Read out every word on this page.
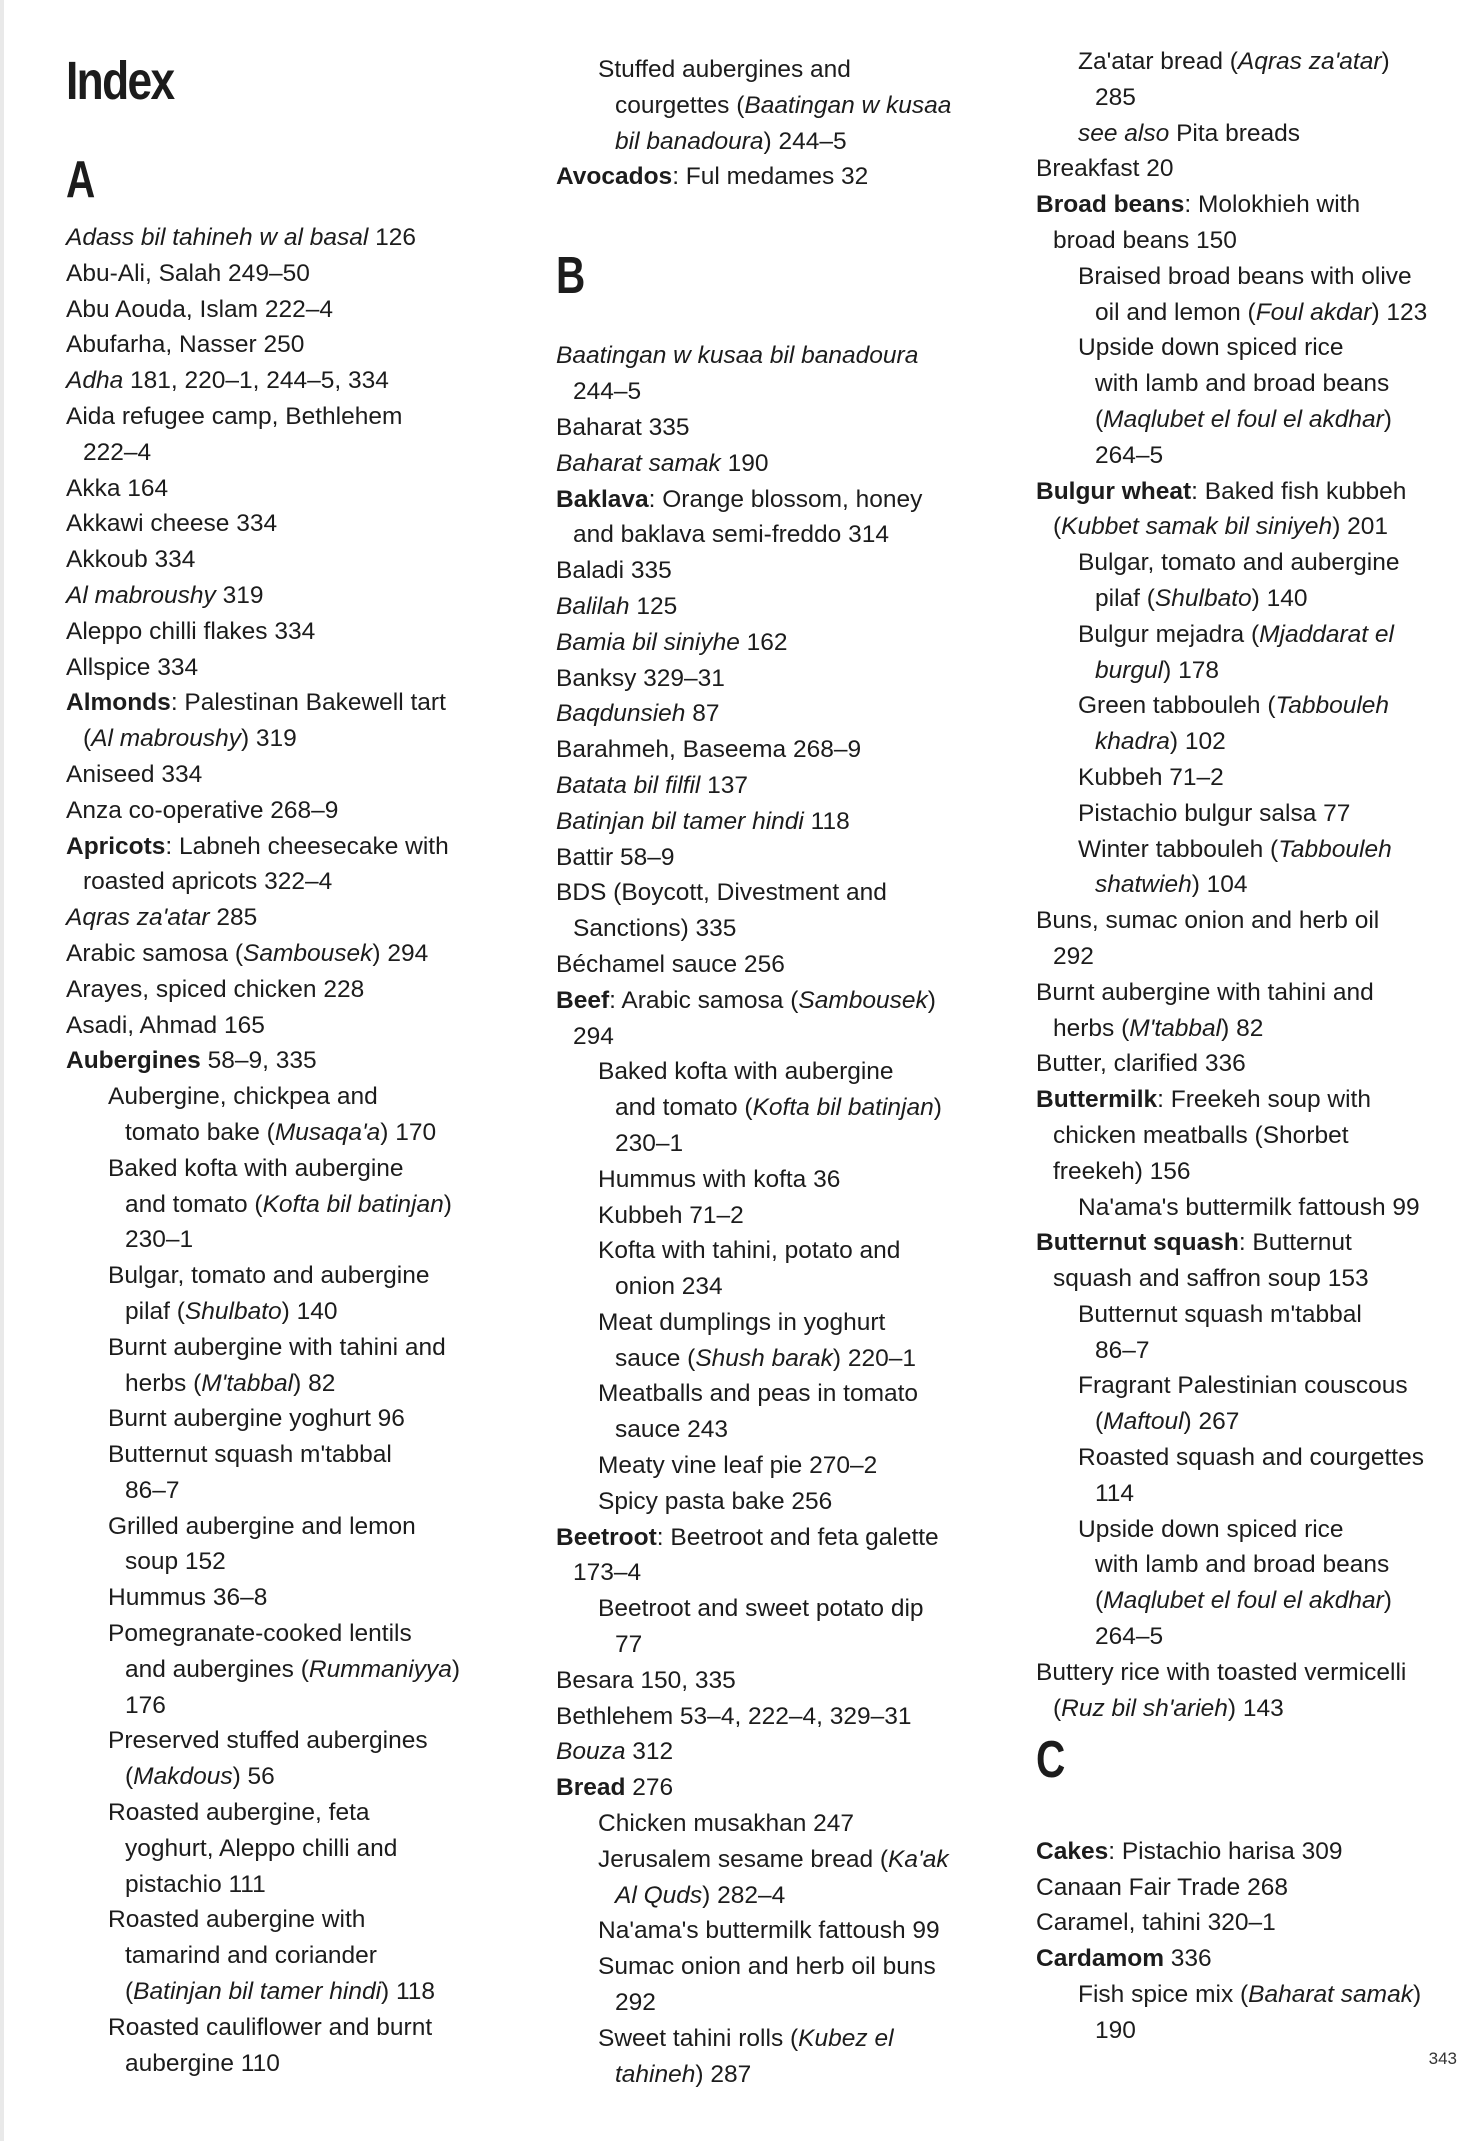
Index
A
Adass bil tahineh w al basal 126
Abu-Ali, Salah 249–50
Abu Aouda, Islam 222–4
Abufarha, Nasser 250
Adha 181, 220–1, 244–5, 334
Aida refugee camp, Bethlehem
222–4
Akka 164
Akkawi cheese 334
Akkoub 334
Al mabroushy 319
Aleppo chilli flakes 334
Allspice 334
Almonds: Palestinan Bakewell tart
(Al mabroushy) 319
Aniseed 334
Anza co-operative 268–9
Apricots: Labneh cheesecake with
roasted apricots 322–4
Aqras za'atar 285
Arabic samosa (Sambousek) 294
Arayes, spiced chicken 228
Asadi, Ahmad 165
Aubergines 58–9, 335
Aubergine, chickpea and
tomato bake (Musaqa'a) 170
Baked kofta with aubergine
and tomato (Kofta bil batinjan)
230–1
Bulgar, tomato and aubergine
pilaf (Shulbato) 140
Burnt aubergine with tahini and
herbs (M'tabbal) 82
Burnt aubergine yoghurt 96
Butternut squash m'tabbal
86–7
Grilled aubergine and lemon
soup 152
Hummus 36–8
Pomegranate-cooked lentils
and aubergines (Rummaniyya)
176
Preserved stuffed aubergines
(Makdous) 56
Roasted aubergine, feta
yoghurt, Aleppo chilli and
pistachio 111
Roasted aubergine with
tamarind and coriander
(Batinjan bil tamer hindi) 118
Roasted cauliflower and burnt
aubergine 110
B
Stuffed aubergines and
courgettes (Baatingan w kusaa
bil banadoura) 244–5
Avocados: Ful medames 32

Baatingan w kusaa bil banadoura
244–5
Baharat 335
Baharat samak 190
Baklava: Orange blossom, honey
and baklava semi-freddo 314
Baladi 335
Balilah 125
Bamia bil siniyhe 162
Banksy 329–31
Baqdunsieh 87
Barahmeh, Baseema 268–9
Batata bil filfil 137
Batinjan bil tamer hindi 118
Battir 58–9
BDS (Boycott, Divestment and
Sanctions) 335
Béchamel sauce 256
Beef: Arabic samosa (Sambousek)
294
Baked kofta with aubergine
and tomato (Kofta bil batinjan)
230–1
Hummus with kofta 36
Kubbeh 71–2
Kofta with tahini, potato and
onion 234
Meat dumplings in yoghurt
sauce (Shush barak) 220–1
Meatballs and peas in tomato
sauce 243
Meaty vine leaf pie 270–2
Spicy pasta bake 256
Beetroot: Beetroot and feta galette
173–4
Beetroot and sweet potato dip
77
Besara 150, 335
Bethlehem 53–4, 222–4, 329–31
Bouza 312
Bread 276
Chicken musakhan 247
Jerusalem sesame bread (Ka'ak
Al Quds) 282–4
Na'ama's buttermilk fattoush 99
Sumac onion and herb oil buns
292
Sweet tahini rolls (Kubez el
tahineh) 287
C
Za'atar bread (Aqras za'atar)
285
see also Pita breads
Breakfast 20
Broad beans: Molokhieh with
broad beans 150
Braised broad beans with olive
oil and lemon (Foul akdar) 123
Upside down spiced rice
with lamb and broad beans
(Maqlubet el foul el akdhar)
264–5
Bulgur wheat: Baked fish kubbeh
(Kubbet samak bil siniyeh) 201
Bulgar, tomato and aubergine
pilaf (Shulbato) 140
Bulgur mejadra (Mjaddarat el
burgul) 178
Green tabbouleh (Tabbouleh
khadra) 102
Kubbeh 71–2
Pistachio bulgur salsa 77
Winter tabbouleh (Tabbouleh
shatwieh) 104
Buns, sumac onion and herb oil
292
Burnt aubergine with tahini and
herbs (M'tabbal) 82
Butter, clarified 336
Buttermilk: Freekeh soup with
chicken meatballs (Shorbet
freekeh) 156
Na'ama's buttermilk fattoush 99
Butternut squash: Butternut
squash and saffron soup 153
Butternut squash m'tabbal
86–7
Fragrant Palestinian couscous
(Maftoul) 267
Roasted squash and courgettes
114
Upside down spiced rice
with lamb and broad beans
(Maqlubet el foul el akdhar)
264–5
Buttery rice with toasted vermicelli
(Ruz bil sh'arieh) 143

Cakes: Pistachio harisa 309
Canaan Fair Trade 268
Caramel, tahini 320–1
Cardamom 336
Fish spice mix (Baharat samak)
190
343
